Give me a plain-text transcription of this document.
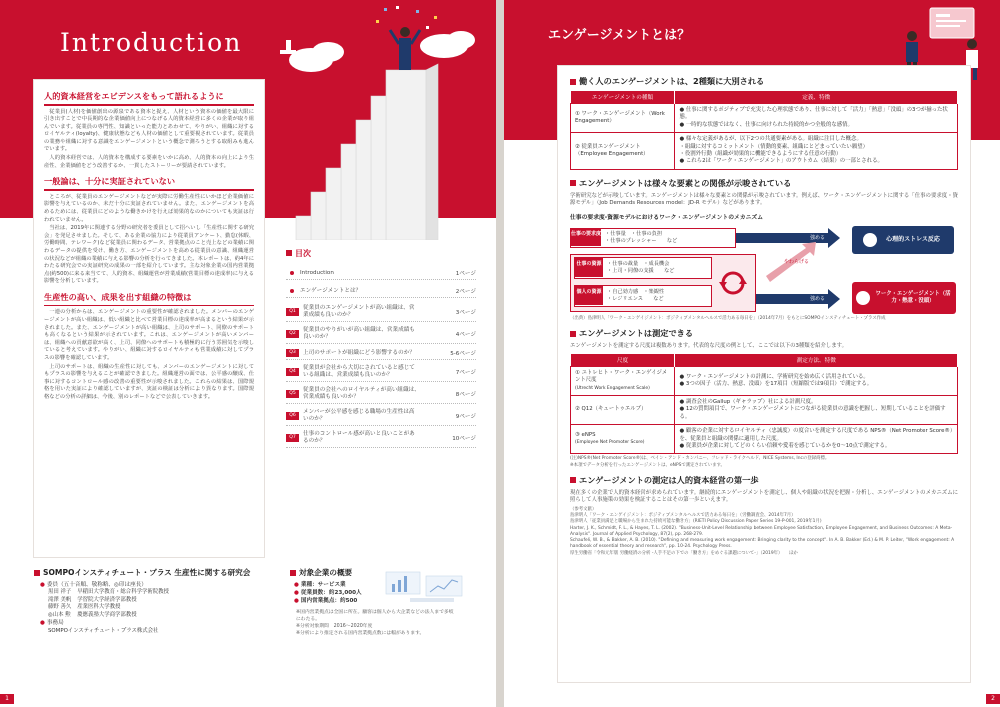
Introduction
人的資本経営をエビデンスをもって語れるように

従業員(人材)を価値創出の源泉である資本と捉え、人材という資本の価値を最大限に引き出すことで中長期的な企業価値向上につなげる人的資本経営に多くの企業が取り組んでいます。従業員の専門性、知識といった能力とあわせて、やりがい、組織に対するロイヤルティ(loyalty)、健康状態なども人材の価値として重要視されています。従業員の業務や組織に対する意識をエンゲージメントという概念で測ろうとする取組みも進んでいます。

人的資本経営では、人的資本を構成する要素をいかに高め、人的資本の向上により生産性、企業価値をどう改善するか、一貫したストーリーが要請されています。

一般論は、十分に実証されていない

ところが、従業員のエンゲージメントなどが実際に労働生産性にいかほど企業価値に影響を与えているのか、未だ十分に実証されていません。また、エンゲージメントを高めるためには、従業員にどのような働きかけを行えば効果的なのかについても実証は行われていません。

当社は、2019年に関連する分野の研究者を委員として招へいし「生産性に関する研究会」を発足させました。そして、ある企業の協力により従業員アンケート、勤怠(休暇、労働時間、テレワーク)など従業員に関わるデータ、営業拠点のこと売上などの業績に関わるデータの提供を受け、働き方、エンゲージメントを高める従業員の意識、組織運営の状況などが組織の業績に与える影響の分析を行ってきました。本レポートは、約4年にわたる研究会での実証研究の成果の一部を紹介しています。主な対象企業の国内営業拠点(約500)に来る来当てて、人的資本、組織運営が営業成績(営業目標の達成率)に与える影響を分析しています。

生産性の高い、成果を出す組織の特徴は

一連の分析からは、エンゲージメントの重要性が確認されました。メンバーのエンゲージメントが高い組織は、低い組織と比べて営業目標の達成率が高まるという結果が示されました。また、エンゲージメントが高い組織は、上司のサポート、同僚のサポートも高くなるという結果が示されています。これは、エンゲージメントが高いメンバーは、組織への貢献意欲が高く、上司、同僚へのサポートも積極的に行う雰囲気を示唆していると考えています。やりがい、組織に対するロイヤルティも営業成績に対してプラスの影響を確認しています。

上司のサポートは、組織の生産性に対しても、メンバーのエンゲージメントに対してもプラスの影響を与えることが確認できました。組織運営の面では、公平感の醸成、仕事に対するコントロール感の改善の重要性が示唆されました。これらの結果は、国際規格を用いた実証により確認していますが、実証の検証は分析により異なります。国際規格などの分析の詳細は、今後、別のレポートなどで公表していきます。

目次
Introduction	1ページ
エンゲージメントとは？	2ページ
Q1
従業員のエンゲージメントが高い組織は、営業成績も良いのか？	3ページ
Q2
従業員のやりがいが高い組織は、営業成績も良いのか？	4ページ
Q3	上司のサポートが組織にどう影響するのか？	5-6ページ
Q4
従業員が会社から大切にされていると感じている組織は、営業成績も良いのか？	7ページ
Q5
従業員の会社へのロイヤルティが高い組織は、営業成績も良いのか？	8ページ
Q6
メンバーが公平感を感じる職場の生産性は高いのか？	9ページ
Q7
仕事のコントロール感が高いと良いことがあるのか？	10ページ
SOMPOインスティチュート・プラス 生産性に関する研究会
● 委員（五十音順、敬称略、◎印は座長）
黒田 祥子	早稲田大学教育・総合科学学術院教授
滝澤 美帆	学習院大学経済学部教授
藤野 善久	産業医科大学教授
◎山本 勲	慶應義塾大学商学部教授
● 事務局
SOMPOインスティチュート・プラス株式会社
対象企業の概要
● 業種：サービス業
● 従業員数：約23,000人
● 国内営業拠点：約500
※国内営業拠点は全国に所在。顧客は個人から大企業などの法人まで多岐にわたる。
※分析対象期間　2016〜2020年度
※分析により推定される国内営業拠点数には幅があります。
1
エンゲージメントとは？
働く人のエンゲージメントは、2種類に大別される
エンゲージメントの種類	定義、特徴
① ワーク・エンゲージメント（Work Engagement）	● 仕事に関するポジティブで充実した心理状態であり、仕事に対して「活力」「熱意」「没頭」の3つが揃った状態。
● 一時的な状態ではなく、仕事に向けられた持続的かつ全般的な感情。

② 従業員エンゲージメント（Employee Engagement）	● 様々な定義があるが、以下2つの共通要素がある。組織に注目した概念。
・組織に対するコミットメント（情動的要素、組織にとどまっていたい願望）
・役割外行動（組織が効果的に機能できるようにする任意の行動）
● これら2は「ワーク・エンゲージメント」のアウトカム（結果）の一部とされる。
エンゲージメントは様々な要素との関係が示唆されている
学術研究などが示唆しています。エンゲージメントは様々な要素との関係が示唆されています。例えば、ワーク・エンゲージメントに関する「仕事の要求度・資源モデル」（Job Demands Resources model：JD-R モデル）などがあります。
仕事の要求度-資源モデルにおけるワーク・エンゲージメントのメカニズム
仕事の要求度 ・仕事量　・仕事の負担
・仕事のプレッシャー　　など
仕事の資源 ・仕事の裁量　・成長機会
・上司・同僚の支援　　など
個人の資源 ・自己効力感　・楽観性
・レジリエンス　　など
強める
やわらげる
強める
心理的ストレス反応
ワーク・エンゲージメント（活力・熱意・没頭）
（出典）島津明人「ワーク・エンゲイジメント：ポジティブメンタルヘルスで活力ある毎日を」（2014年7月）をもとにSOMPOインスティチュート・プラス作成
エンゲージメントは測定できる
エンゲージメントを測定する尺度は複数あります。代表的な尺度の例として、ここでは以下の3種類を紹介します。
尺度	測定方法、特徴

① ユトレヒト・ワーク・エンゲイジメント尺度
(Utrecht Work Engagement Scale)	● ワーク・エンゲージメントの計測に、学術研究を始め広く活用されている。
● 3つの因子（活力、熱意、没頭）を17項目（短縮版では9項目）で測定する。

② Q12（キュートゥエルブ）	● 調査会社のGallup（ギャラップ）社による計測尺度。
● 12の質問項目で、ワーク・エンゲージメントにつながる従業員の意識を把握し、短期していることを評価する。

③ eNPS
(Employee Net Promoter Score)	● 顧客の企業に対するロイヤルティ（忠誠度）の度合いを測定する尺度である NPS®（Net Promoter Score®）を、従業員と組織の関係に適用した尺度。
● 従業員が企業に対してどのくらい信頼や愛着を感じているかを0〜10点で測定する。
(注)NPS®(Net Promoter Score®)は、ベイン・アンド・カンパニー、フレッド・ライクヘルド、NICE Systems, Incの登録商標。
※本項でデータ分析を行ったエンゲージメントは、eNPSで測定されています。
エンゲージメントの測定は人的資本経営の第一歩
現在多くの企業で人的資本経営が求められています。継続的にエンゲージメントを測定し、個人や組織の状況を把握・分析し、エンゲージメントのメカニズムに照らして人事施策の効果を検証することはその第一歩といえます。
（参考文献）
島津明人「ワーク・エンゲイジメント：ポジティブメンタルヘルスで活力ある毎日を」（労働調査会、2014年7月）
島津明人「従業員満足と職場から生まれた持続可能な働き方」(RIETI Policy Discussion Paper Series 19-P-001, 2019年1月)
Harter, J. K., Schmidt, F. L., & Hayes, T. L. (2002). "Business-Unit-Level Relationship between Employee Satisfaction, Employee Engagement, and Business Outcomes: A Meta-Analysis". Journal of Applied Psychology, 87(2), pp. 268-279.
Schaufeli, W. B., & Bakker, A. B. (2010). "Defining and measuring work engagement: Bringing clarity to the concept". In A. B. Bakker (Ed.) & M. P. Leiter, "Work engagement: A handbook of essential theory and research", pp. 10-24. Psychology Press.
厚生労働省「令和元年版 労働経済の分析 -人手不足の下での「働き方」をめぐる課題について-」（2019年）　　ほか
2
